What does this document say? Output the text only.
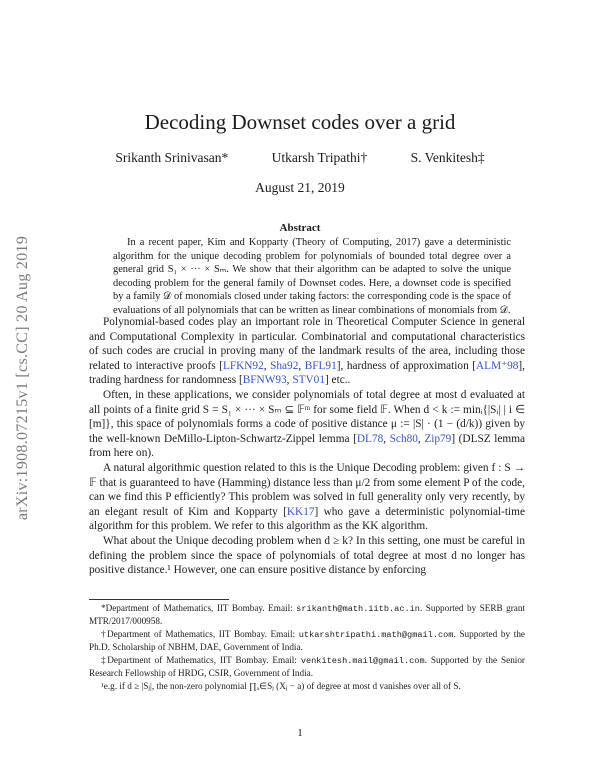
arXiv:1908.07215v1 [cs.CC] 20 Aug 2019
Decoding Downset codes over a grid
Srikanth Srinivasan*	Utkarsh Tripathi†	S. Venkitesh‡
August 21, 2019
Abstract

In a recent paper, Kim and Kopparty (Theory of Computing, 2017) gave a deterministic algorithm for the unique decoding problem for polynomials of bounded total degree over a general grid S₁ × ··· × Sₘ. We show that their algorithm can be adapted to solve the unique decoding problem for the general family of Downset codes. Here, a downset code is specified by a family 𝒟 of monomials closed under taking factors: the corresponding code is the space of evaluations of all polynomials that can be written as linear combinations of monomials from 𝒟.

Polynomial-based codes play an important role in Theoretical Computer Science in general and Computational Complexity in particular. Combinatorial and computational characteristics of such codes are crucial in proving many of the landmark results of the area, including those related to interactive proofs [LFKN92, Sha92, BFL91], hardness of approximation [ALM⁺98], trading hardness for randomness [BFNW93, STV01] etc..

Often, in these applications, we consider polynomials of total degree at most d evaluated at all points of a finite grid S = S₁ × ··· × Sₘ ⊆ 𝔽ᵐ for some field 𝔽. When d < k := minᵢ{|Sᵢ| | i ∈ [m]}, this space of polynomials forms a code of positive distance μ := |S| · (1 − (d/k)) given by the well-known DeMillo-Lipton-Schwartz-Zippel lemma [DL78, Sch80, Zip79] (DLSZ lemma from here on).

A natural algorithmic question related to this is the Unique Decoding problem: given f : S → 𝔽 that is guaranteed to have (Hamming) distance less than μ/2 from some element P of the code, can we find this P efficiently? This problem was solved in full generality only very recently, by an elegant result of Kim and Kopparty [KK17] who gave a deterministic polynomial-time algorithm for this problem. We refer to this algorithm as the KK algorithm.

What about the Unique decoding problem when d ≥ k? In this setting, one must be careful in defining the problem since the space of polynomials of total degree at most d no longer has positive distance.¹ However, one can ensure positive distance by enforcing

*Department of Mathematics, IIT Bombay. Email: srikanth@math.iitb.ac.in. Supported by SERB grant MTR/2017/000958.

†Department of Mathematics, IIT Bombay. Email: utkarshtripathi.math@gmail.com. Supported by the Ph.D. Scholarship of NBHM, DAE, Government of India.

‡Department of Mathematics, IIT Bombay. Email: venkitesh.mail@gmail.com. Supported by the Senior Research Fellowship of HRDG, CSIR, Government of India.

¹e.g. if d ≥ |Sⱼ|, the non-zero polynomial ∏ₐ∈Sⱼ (Xⱼ − a) of degree at most d vanishes over all of S.

1
